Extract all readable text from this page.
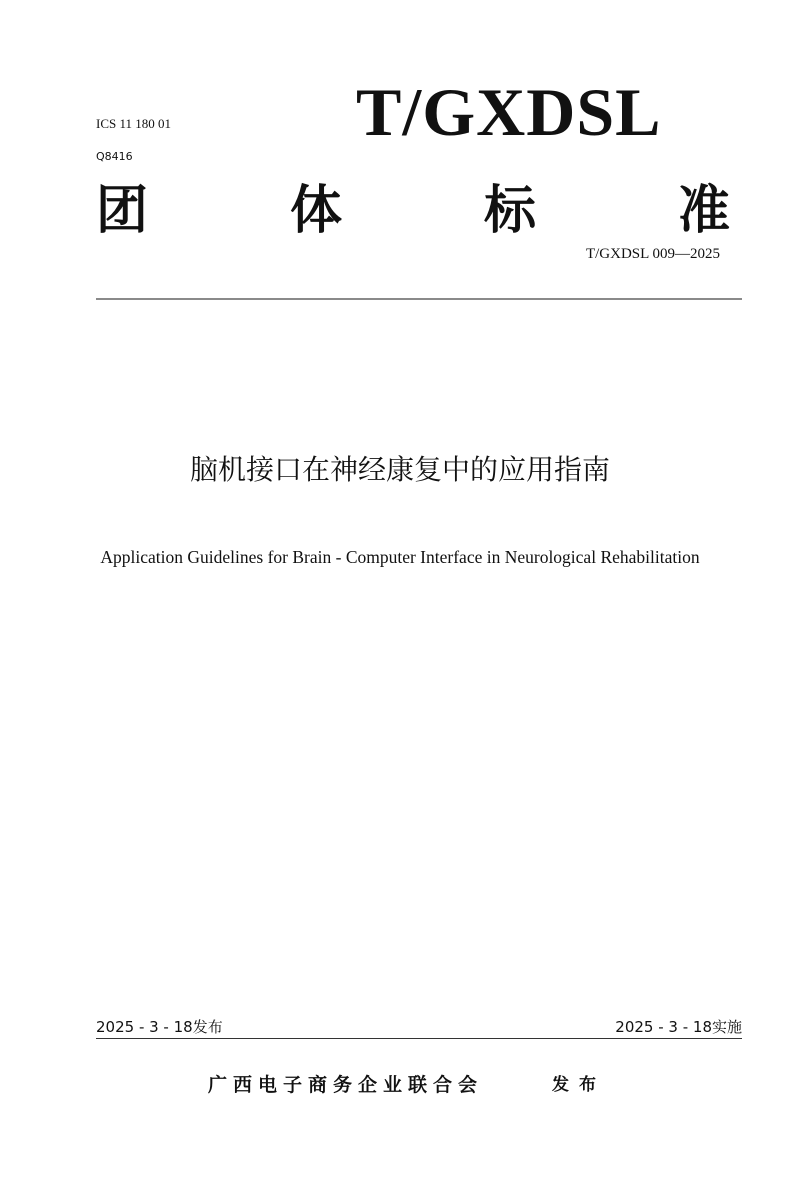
ICS 11 180 01
Q8416
T/GXDSL
团	体	标	准
T/GXDSL 009—2025
脑机接口在神经康复中的应用指南
Application Guidelines for Brain - Computer Interface in Neurological Rehabilitation
2025 - 3 - 18发布	2025 - 3 - 18实施
广西电子商务企业联合会	发布
